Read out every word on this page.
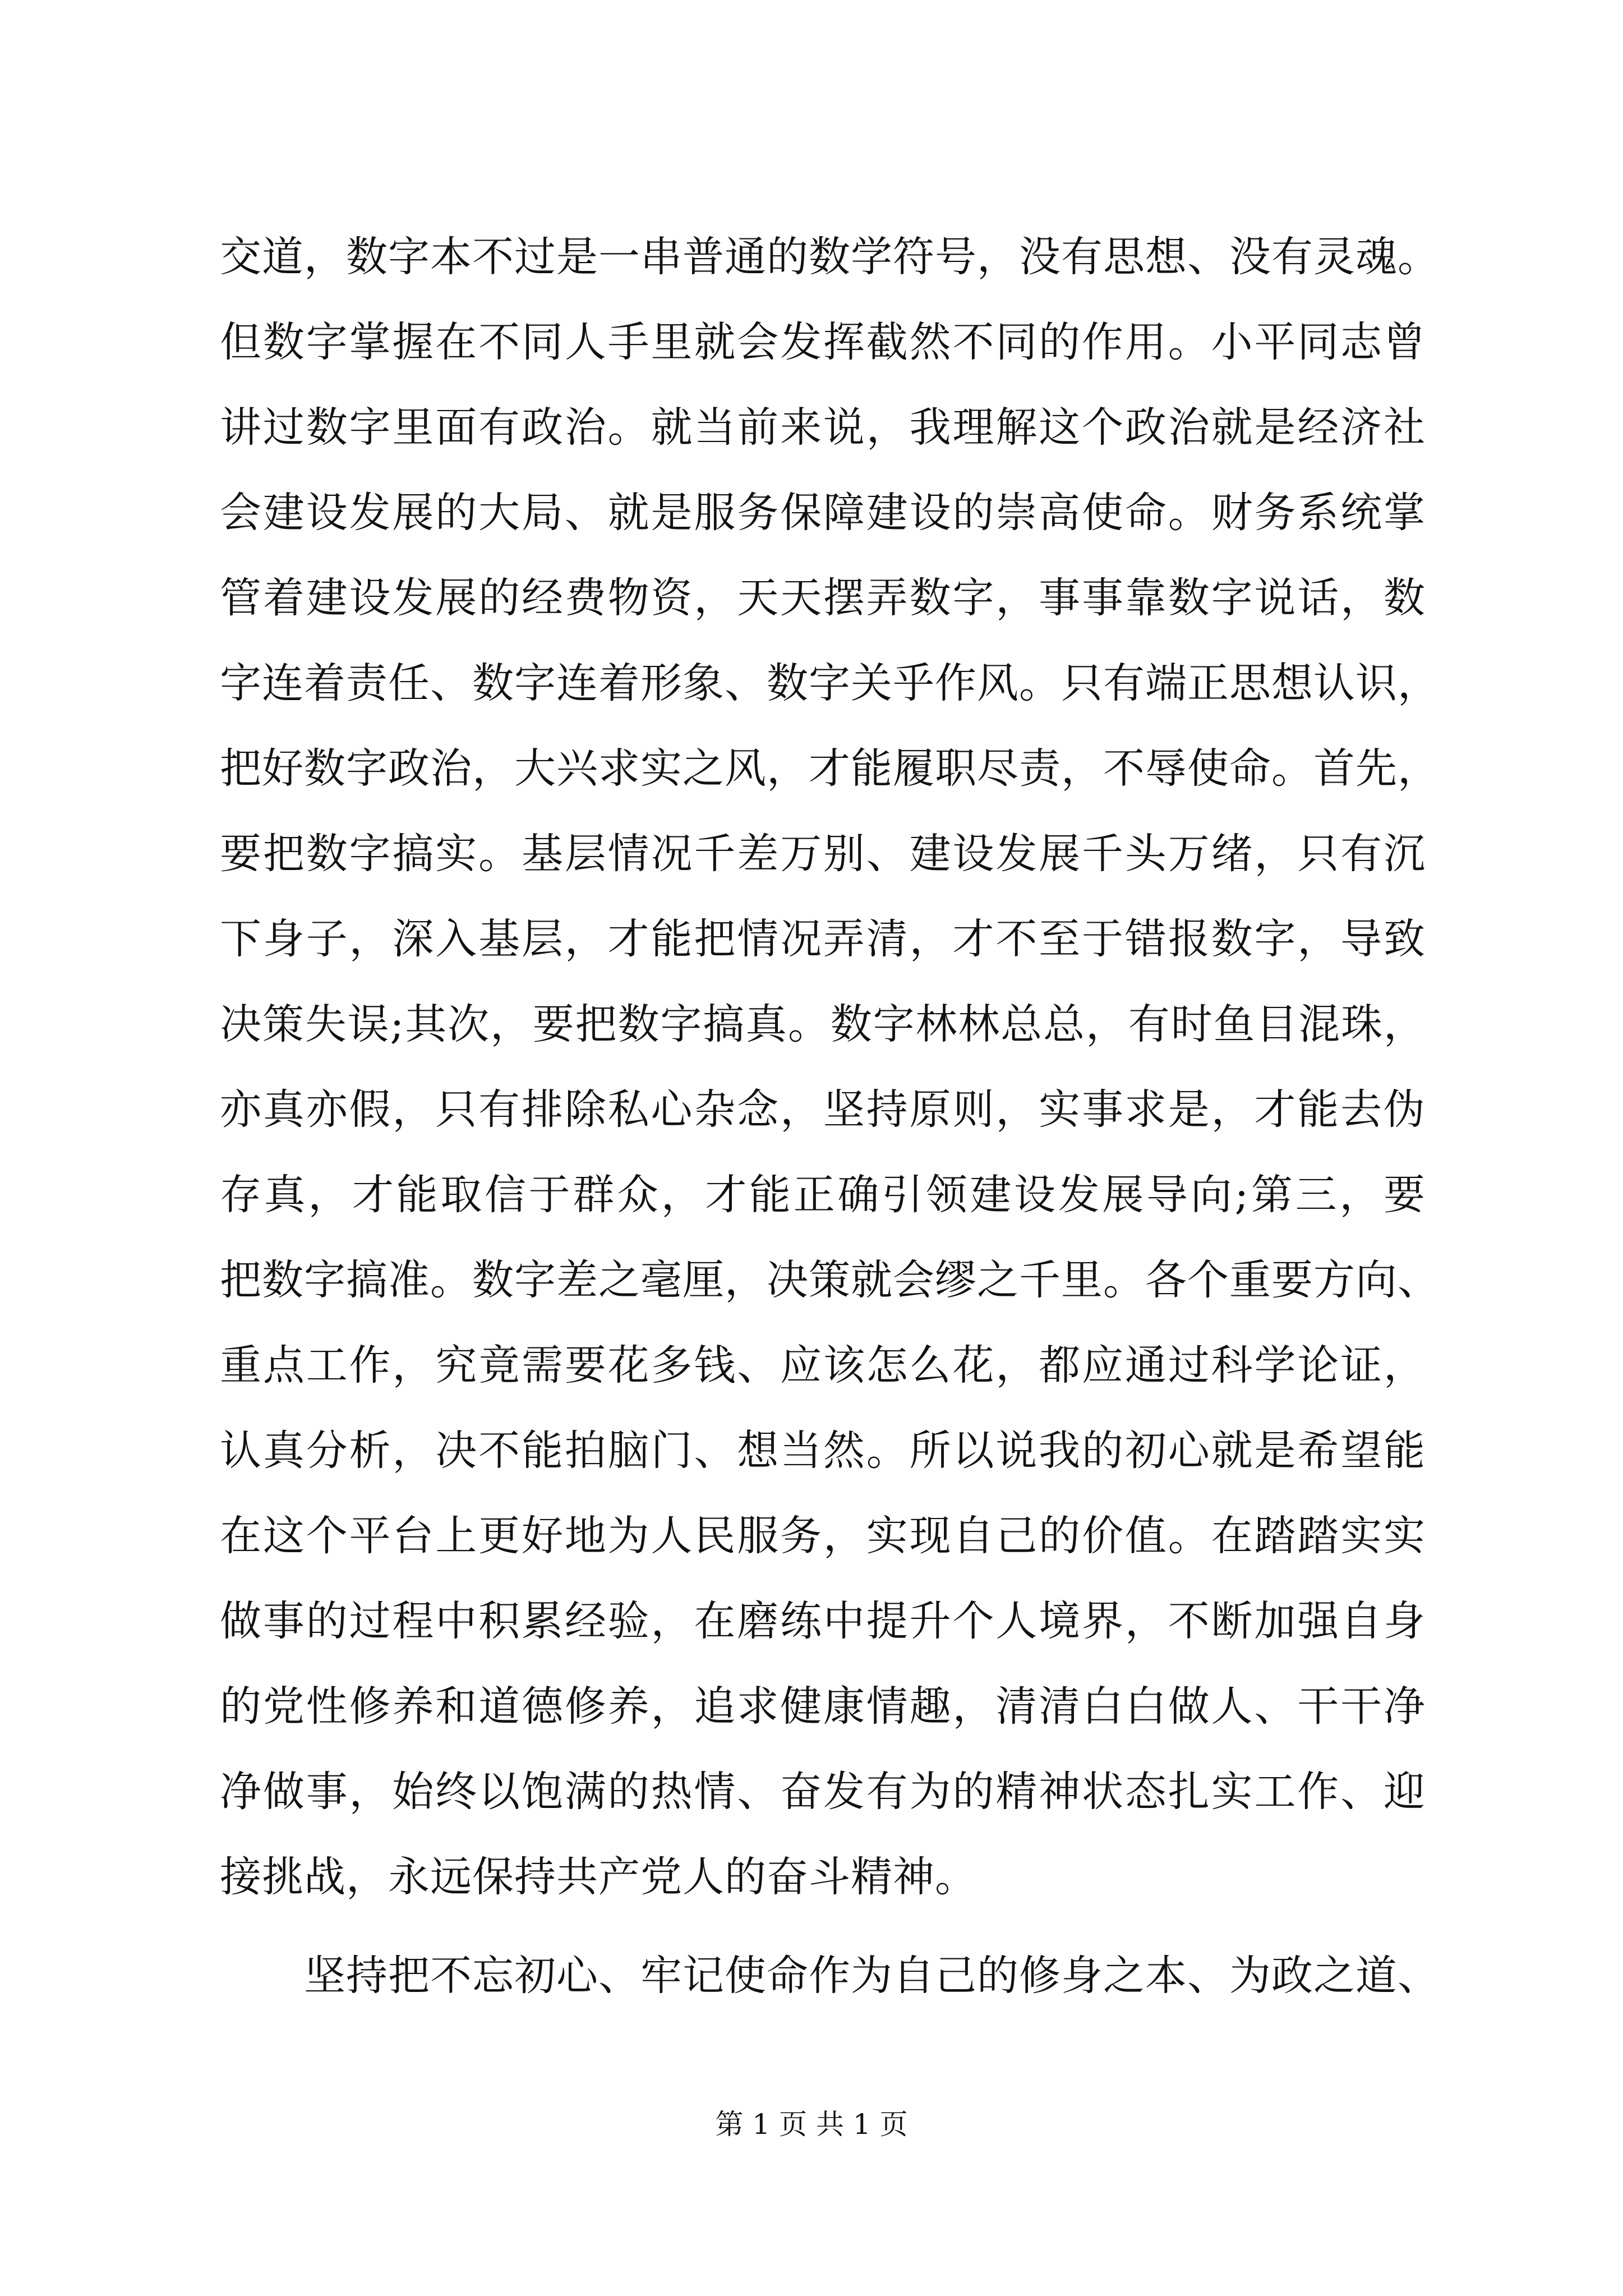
交道，数字本不过是一串普通的数学符号，没有思想、没有灵魂。
但数字掌握在不同人手里就会发挥截然不同的作用。小平同志曾
讲过数字里面有政治。就当前来说，我理解这个政治就是经济社
会建设发展的大局、就是服务保障建设的崇高使命。财务系统掌
管着建设发展的经费物资，天天摆弄数字，事事靠数字说话，数
字连着责任、数字连着形象、数字关乎作风。只有端正思想认识，
把好数字政治，大兴求实之风，才能履职尽责，不辱使命。首先，
要把数字搞实。基层情况千差万别、建设发展千头万绪，只有沉
下身子，深入基层，才能把情况弄清，才不至于错报数字，导致
决策失误;其次，要把数字搞真。数字林林总总，有时鱼目混珠，
亦真亦假，只有排除私心杂念，坚持原则，实事求是，才能去伪
存真，才能取信于群众，才能正确引领建设发展导向;第三，要
把数字搞准。数字差之毫厘，决策就会缪之千里。各个重要方向、
重点工作，究竟需要花多钱、应该怎么花，都应通过科学论证，
认真分析，决不能拍脑门、想当然。所以说我的初心就是希望能
在这个平台上更好地为人民服务，实现自己的价值。在踏踏实实
做事的过程中积累经验，在磨练中提升个人境界，不断加强自身
的党性修养和道德修养，追求健康情趣，清清白白做人、干干净
净做事，始终以饱满的热情、奋发有为的精神状态扎实工作、迎
接挑战，永远保持共产党人的奋斗精神。
坚持把不忘初心、牢记使命作为自己的修身之本、为政之道、
第 1 页 共 1 页
